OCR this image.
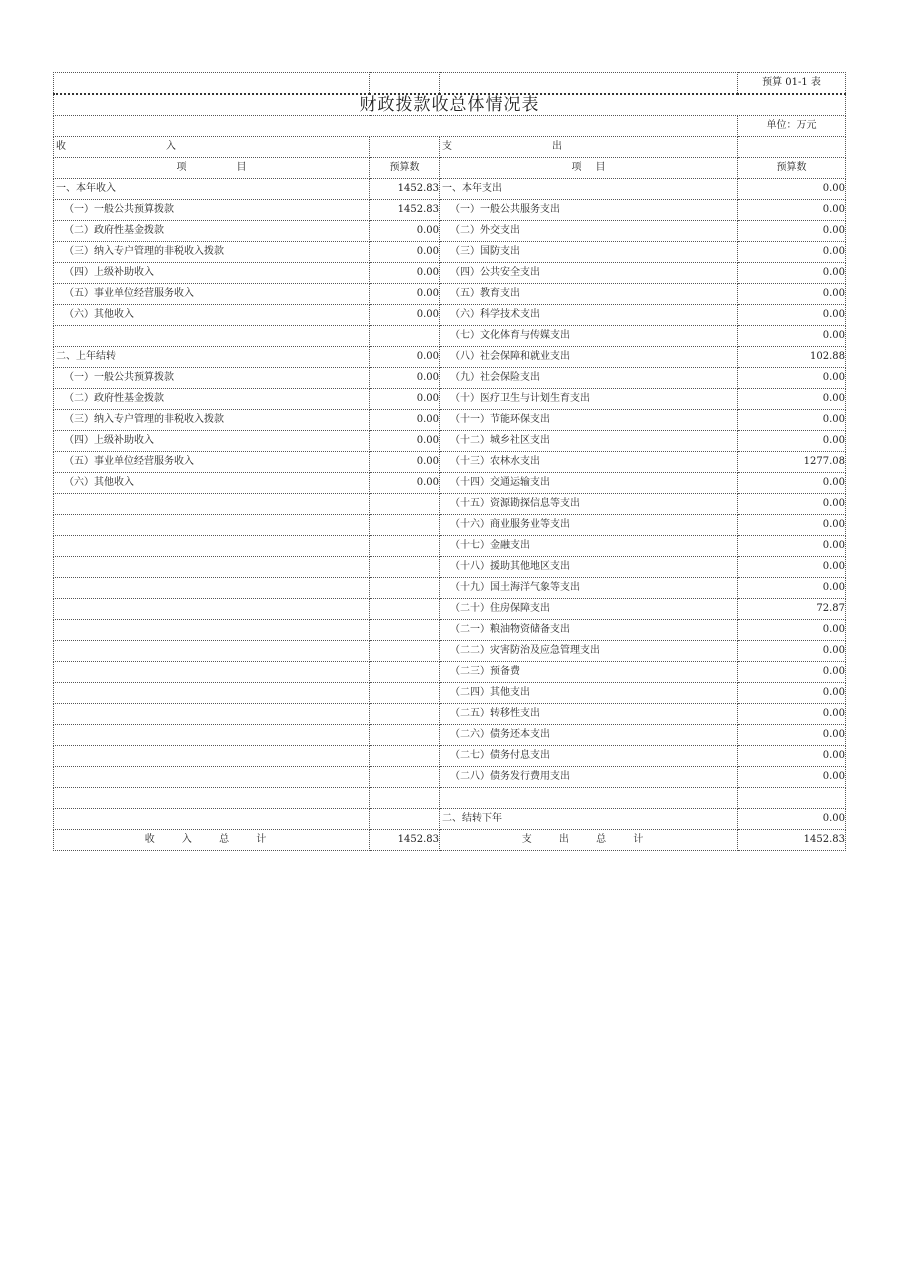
			预算 01-1 表
财政拨款收总体情况表			
			单位：万元
收 入		支 出	
项 目	预算数	项 目	预算数
一、本年收入	1452.83	一、本年支出	0.00
（一）一般公共预算拨款	1452.83	（一）一般公共服务支出	0.00
（二）政府性基金拨款	0.00	（二）外交支出	0.00
（三）纳入专户管理的非税收入拨款	0.00	（三）国防支出	0.00
（四）上级补助收入	0.00	（四）公共安全支出	0.00
（五）事业单位经营服务收入	0.00	（五）教育支出	0.00
（六）其他收入	0.00	（六）科学技术支出	0.00
		（七）文化体育与传媒支出	0.00
二、上年结转	0.00	（八）社会保障和就业支出	102.88
（一）一般公共预算拨款	0.00	（九）社会保险支出	0.00
（二）政府性基金拨款	0.00	（十）医疗卫生与计划生育支出	0.00
（三）纳入专户管理的非税收入拨款	0.00	（十一）节能环保支出	0.00
（四）上级补助收入	0.00	（十二）城乡社区支出	0.00
（五）事业单位经营服务收入	0.00	（十三）农林水支出	1277.08
（六）其他收入	0.00	（十四）交通运输支出	0.00
		（十五）资源勘探信息等支出	0.00
		（十六）商业服务业等支出	0.00
		（十七）金融支出	0.00
		（十八）援助其他地区支出	0.00
		（十九）国土海洋气象等支出	0.00
		（二十）住房保障支出	72.87
		（二一）粮油物资储备支出	0.00
		（二二）灾害防治及应急管理支出	0.00
		（二三）预备费	0.00
		（二四）其他支出	0.00
		（二五）转移性支出	0.00
		（二六）债务还本支出	0.00
		（二七）债务付息支出	0.00
		（二八）债务发行费用支出	0.00

		二、结转下年	0.00
收 入 总 计	1452.83	支 出 总 计	1452.83
